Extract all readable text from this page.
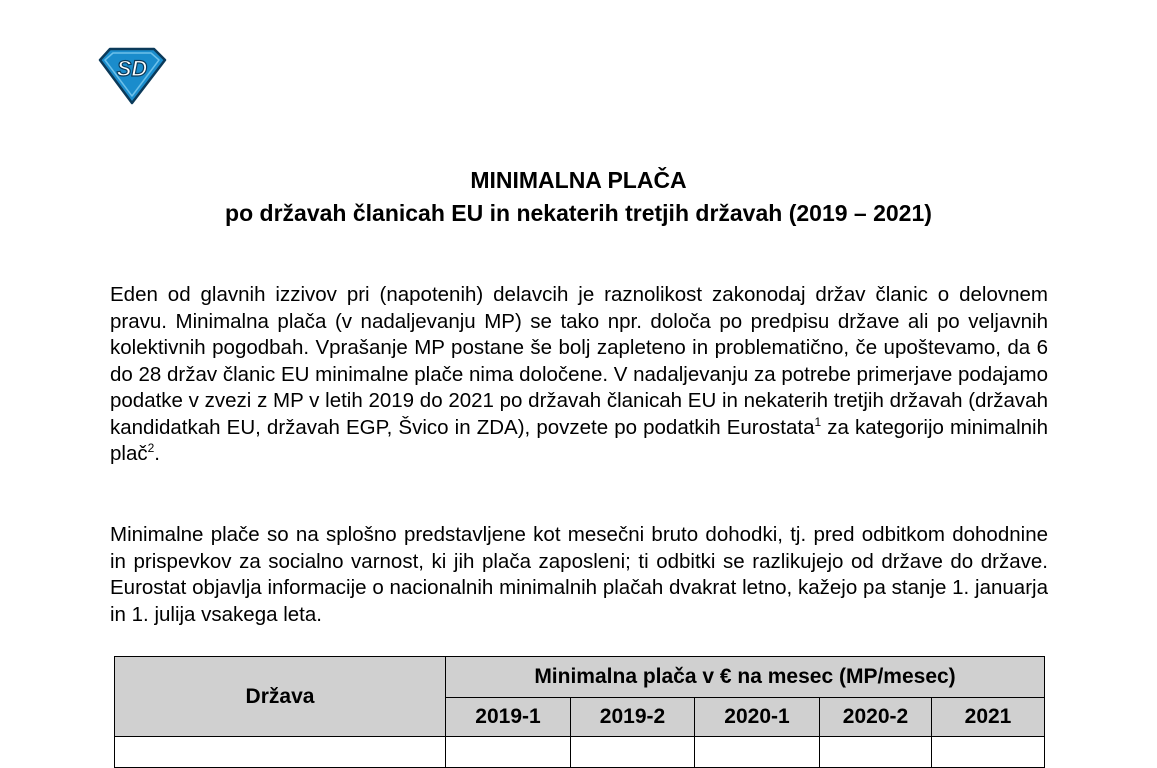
SD
MINIMALNA PLAČA
po državah članicah EU in nekaterih tretjih državah (2019 – 2021)
Eden od glavnih izzivov pri (napotenih) delavcih je raznolikost zakonodaj držav članic o delovnem pravu. Minimalna plača (v nadaljevanju MP) se tako npr. določa po predpisu države ali po veljavnih kolektivnih pogodbah. Vprašanje MP postane še bolj zapleteno in problematično, če upoštevamo, da 6 do 28 držav članic EU minimalne plače nima določene. V nadaljevanju za potrebe primerjave podajamo podatke v zvezi z MP v letih 2019 do 2021 po državah članicah EU in nekaterih tretjih državah (državah kandidatkah EU, državah EGP, Švico in ZDA), povzete po podatkih Eurostata$^1$ za kategorijo minimalnih plač$^2$.
Minimalne plače so na splošno predstavljene kot mesečni bruto dohodki, tj. pred odbitkom dohodnine in prispevkov za socialno varnost, ki jih plača zaposleni; ti odbitki se razlikujejo od države do države. Eurostat objavlja informacije o nacionalnih minimalnih plačah dvakrat letno, kažejo pa stanje 1. januarja in 1. julija vsakega leta.
Država	Minimalna plača v € na mesec (MP/mesec)				
	2019-1	2019-2	2020-1	2020-2	2021
